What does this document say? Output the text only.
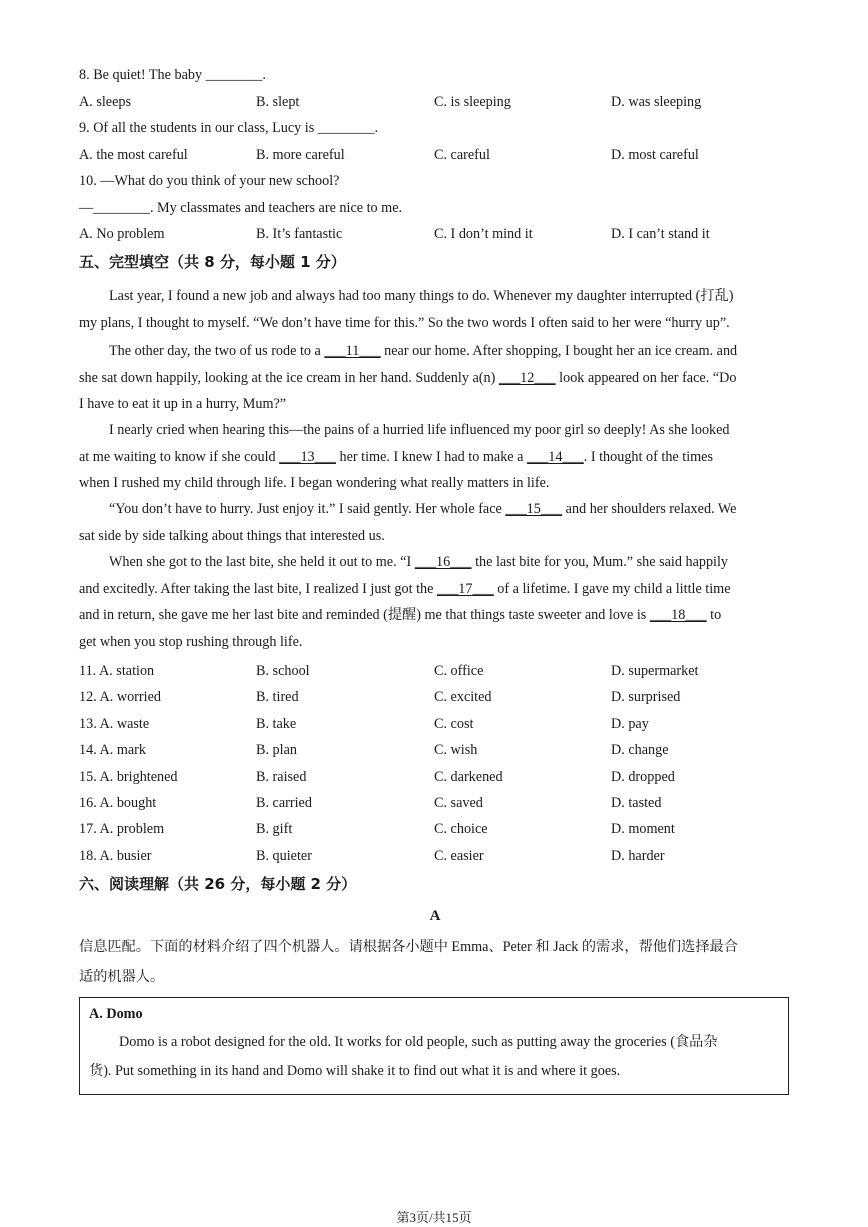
8. Be quiet! The baby ________.
A. sleeps	B. slept	C. is sleeping	D. was sleeping
9. Of all the students in our class, Lucy is ________.
A. the most careful	B. more careful	C. careful	D. most careful
10. —What do you think of your new school?
—________. My classmates and teachers are nice to me.
A. No problem	B. It’s fantastic	C. I don’t mind it	D. I can’t stand it
五、完型填空（共 8 分，每小题 1 分）
Last year, I found a new job and always had too many things to do. Whenever my daughter interrupted (打乱)
my plans, I thought to myself. “We don’t have time for this.” So the two words I often said to her were “hurry up”.
The other day, the two of us rode to a ___11___ near our home. After shopping, I bought her an ice cream. and
she sat down happily, looking at the ice cream in her hand. Suddenly a(n) ___12___ look appeared on her face. “Do
I have to eat it up in a hurry, Mum?”
I nearly cried when hearing this—the pains of a hurried life influenced my poor girl so deeply! As she looked
at me waiting to know if she could ___13___ her time. I knew I had to make a ___14___. I thought of the times
when I rushed my child through life. I began wondering what really matters in life.
“You don’t have to hurry. Just enjoy it.” I said gently. Her whole face ___15___ and her shoulders relaxed. We
sat side by side talking about things that interested us.
When she got to the last bite, she held it out to me. “I ___16___ the last bite for you, Mum.” she said happily
and excitedly. After taking the last bite, I realized I just got the ___17___ of a lifetime. I gave my child a little time
and in return, she gave me her last bite and reminded (提醒) me that things taste sweeter and love is ___18___ to
get when you stop rushing through life.
11. A. station	B. school	C. office	D. supermarket
12. A. worried	B. tired	C. excited	D. surprised
13. A. waste	B. take	C. cost	D. pay
14. A. mark	B. plan	C. wish	D. change
15. A. brightened	B. raised	C. darkened	D. dropped
16. A. bought	B. carried	C. saved	D. tasted
17. A. problem	B. gift	C. choice	D. moment
18. A. busier	B. quieter	C. easier	D. harder
六、阅读理解（共 26 分，每小题 2 分）
A
信息匹配。下面的材料介绍了四个机器人。请根据各小题中 Emma、Peter 和 Jack 的需求，帮他们选择最合
适的机器人。
A. Domo
Domo is a robot designed for the old. It works for old people, such as putting away the groceries (食品杂
货). Put something in its hand and Domo will shake it to find out what it is and where it goes.
第3页/共15页
